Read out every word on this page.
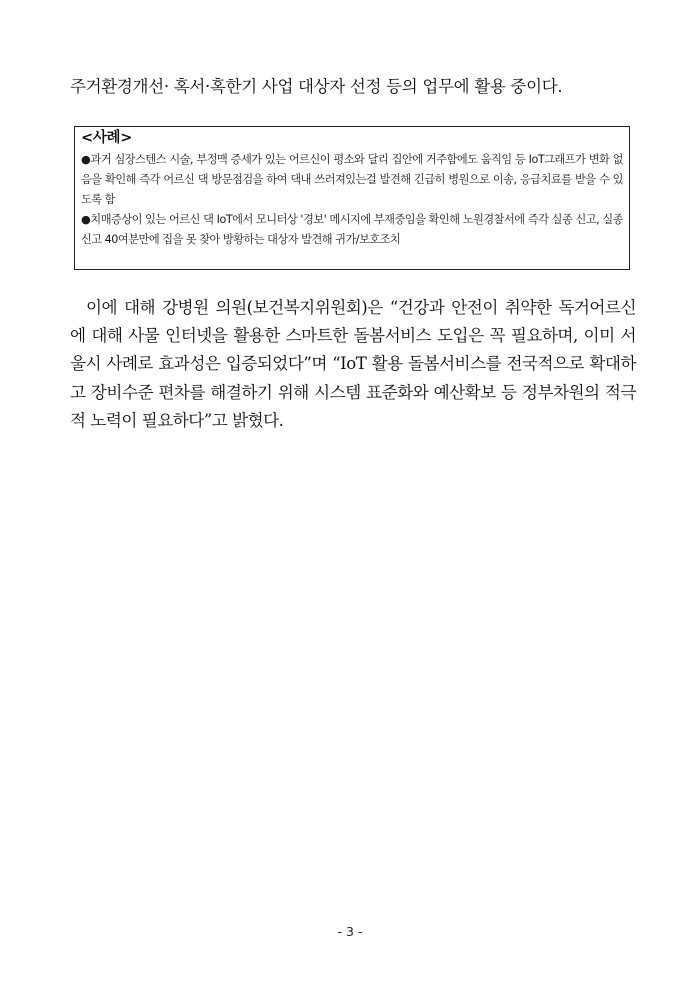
주거환경개선· 혹서·혹한기 사업 대상자 선정 등의 업무에 활용 중이다.
<사례>
●과거 심장스텐스 시술, 부정맥 증세가 있는 어르신이 평소와 달리 집안에 거주함에도 움직임 등 IoT그래프가 변화 없음을 확인해 즉각 어르신 댁 방문점검을 하여 댁내 쓰러져있는걸 발견해 긴급히 병원으로 이송, 응급치료를 받을 수 있도록 함
●치매증상이 있는 어르신 댁 IoT에서 모니터상 '경보' 메시지에 부재중임을 확인해 노원경찰서에 즉각 실종 신고, 실종 신고 40여분만에 집을 못 찾아 방황하는 대상자 발견해 귀가/보호조치
이에 대해 강병원 의원(보건복지위원회)은 “건강과 안전이 취약한 독거어르신에 대해 사물 인터넷을 활용한 스마트한 돌봄서비스 도입은 꼭 필요하며, 이미 서울시 사례로 효과성은 입증되었다”며 “IoT 활용 돌봄서비스를 전국적으로 확대하고 장비수준 편차를 해결하기 위해 시스템 표준화와 예산확보 등 정부차원의 적극적 노력이 필요하다”고 밝혔다.
- 3 -
